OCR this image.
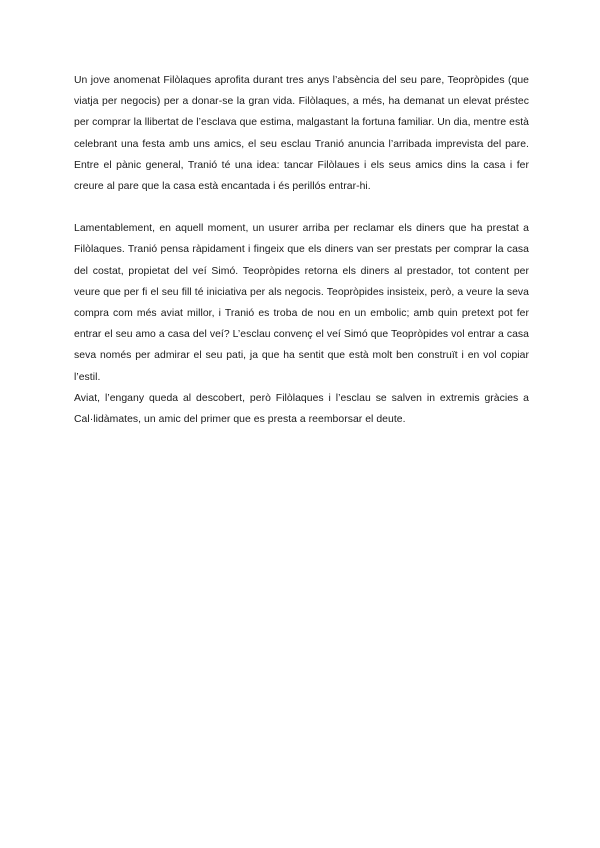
Un jove anomenat Filòlaques aprofita durant tres anys l’absència del seu pare, Teopròpides (que viatja per negocis) per a donar-se la gran vida. Filòlaques, a més, ha demanat un elevat préstec per comprar la llibertat de l’esclava que estima, malgastant la fortuna familiar. Un dia, mentre està celebrant una festa amb uns amics, el seu esclau Tranió anuncia l’arribada imprevista del pare. Entre el pànic general, Tranió té una idea: tancar Filòlaues i els seus amics dins la casa i fer creure al pare que la casa està encantada i és perillós entrar-hi.

Lamentablement, en aquell moment, un usurer arriba per reclamar els diners que ha prestat a Filòlaques. Tranió pensa ràpidament i fingeix que els diners van ser prestats per comprar la casa del costat, propietat del veí Simó. Teopròpides retorna els diners al prestador, tot content per veure que per fi el seu fill té iniciativa per als negocis. Teopròpides insisteix, però, a veure la seva compra com més aviat millor, i Tranió es troba de nou en un embolic; amb quin pretext pot fer entrar el seu amo a casa del veí? L’esclau convenç el veí Simó que Teopròpides vol entrar a casa seva només per admirar el seu pati, ja que ha sentit que està molt ben construït i en vol copiar l’estil.

Aviat, l’engany queda al descobert, però Filòlaques i l’esclau se salven in extremis gràcies a Cal·lidàmates, un amic del primer que es presta a reemborsar el deute.
